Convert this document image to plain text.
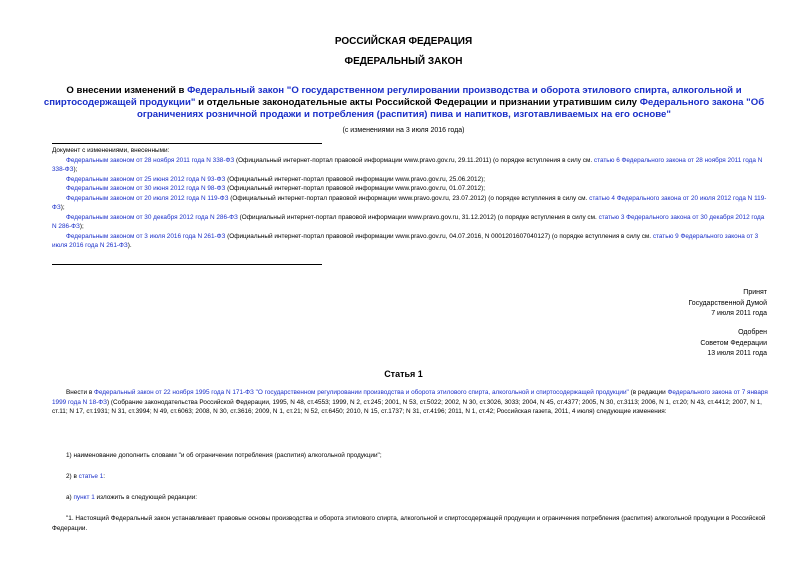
РОССИЙСКАЯ ФЕДЕРАЦИЯ
ФЕДЕРАЛЬНЫЙ ЗАКОН
О внесении изменений в Федеральный закон "О государственном регулировании производства и оборота этилового спирта, алкогольной и спиртосодержащей продукции" и отдельные законодательные акты Российской Федерации и признании утратившим силу Федерального закона "Об ограничениях розничной продажи и потребления (распития) пива и напитков, изготавливаемых на его основе"
(с изменениями на 3 июля 2016 года)
Документ с изменениями, внесенными:
Федеральным законом от 28 ноября 2011 года N 338-ФЗ (Официальный интернет-портал правовой информации www.pravo.gov.ru, 29.11.2011) (о порядке вступления в силу см. статью 6 Федерального закона от 28 ноября 2011 года N 338-ФЗ);
Федеральным законом от 25 июня 2012 года N 93-ФЗ (Официальный интернет-портал правовой информации www.pravo.gov.ru, 25.06.2012);
Федеральным законом от 30 июня 2012 года N 98-ФЗ (Официальный интернет-портал правовой информации www.pravo.gov.ru, 01.07.2012);
Федеральным законом от 20 июля 2012 года N 119-ФЗ (Официальный интернет-портал правовой информации www.pravo.gov.ru, 23.07.2012) (о порядке вступления в силу см. статью 4 Федерального закона от 20 июля 2012 года N 119-ФЗ);
Федеральным законом от 30 декабря 2012 года N 286-ФЗ (Официальный интернет-портал правовой информации www.pravo.gov.ru, 31.12.2012) (о порядке вступления в силу см. статью 3 Федерального закона от 30 декабря 2012 года N 286-ФЗ);
Федеральным законом от 3 июля 2016 года N 261-ФЗ (Официальный интернет-портал правовой информации www.pravo.gov.ru, 04.07.2016, N 0001201607040127) (о порядке вступления в силу см. статью 9 Федерального закона от 3 июля 2016 года N 261-ФЗ).
Принят
Государственной Думой
7 июля 2011 года
Одобрен
Советом Федерации
13 июля 2011 года
Статья 1
Внести в Федеральный закон от 22 ноября 1995 года N 171-ФЗ "О государственном регулировании производства и оборота этилового спирта, алкогольной и спиртосодержащей продукции" (в редакции Федерального закона от 7 января 1999 года N 18-ФЗ) (Собрание законодательства Российской Федерации, 1995, N 48, ст.4553; 1999, N 2, ст.245; 2001, N 53, ст.5022; 2002, N 30, ст.3026, 3033; 2004, N 45, ст.4377; 2005, N 30, ст.3113; 2006, N 1, ст.20; N 43, ст.4412; 2007, N 1, ст.11; N 17, ст.1931; N 31, ст.3994; N 49, ст.6063; 2008, N 30, ст.3616; 2009, N 1, ст.21; N 52, ст.6450; 2010, N 15, ст.1737; N 31, ст.4196; 2011, N 1, ст.42; Российская газета, 2011, 4 июля) следующие изменения:
1) наименование дополнить словами "и об ограничении потребления (распития) алкогольной продукции";
2) в статье 1:
а) пункт 1 изложить в следующей редакции:
"1. Настоящий Федеральный закон устанавливает правовые основы производства и оборота этилового спирта, алкогольной и спиртосодержащей продукции и ограничения потребления (распития) алкогольной продукции в Российской Федерации.
